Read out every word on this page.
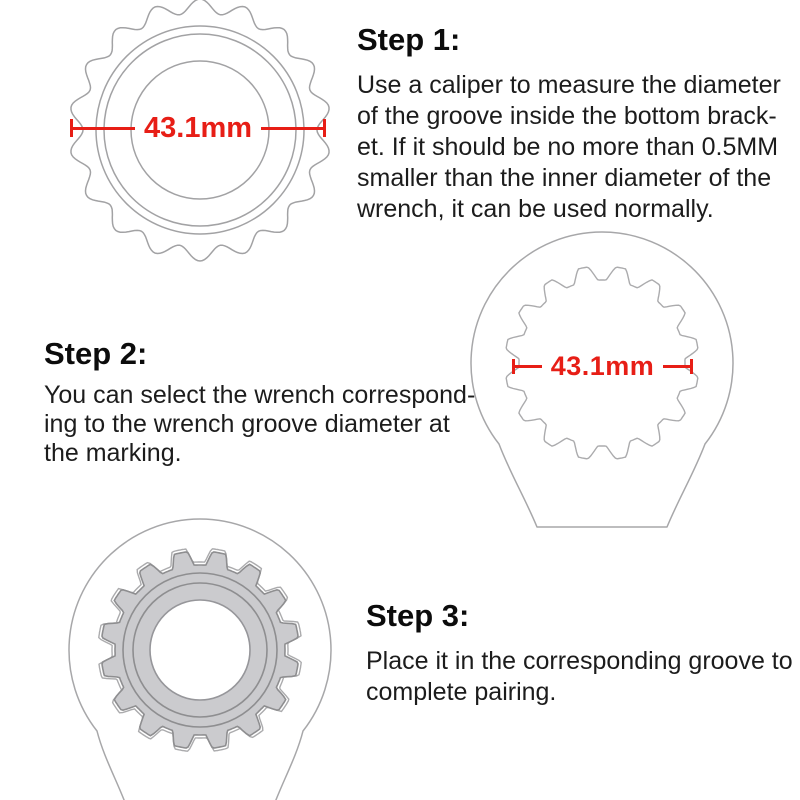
43.1mm
43.1mm
Step 1:
Use a caliper to measure the diameter
of the groove inside the bottom brack-
et. If it should be no more than 0.5MM
smaller than the inner diameter of the
wrench, it can be used normally.
Step 2:
You can select the wrench correspond-
ing to the wrench groove diameter at
the marking.
Step 3:
Place it in the corresponding groove to
complete pairing.
